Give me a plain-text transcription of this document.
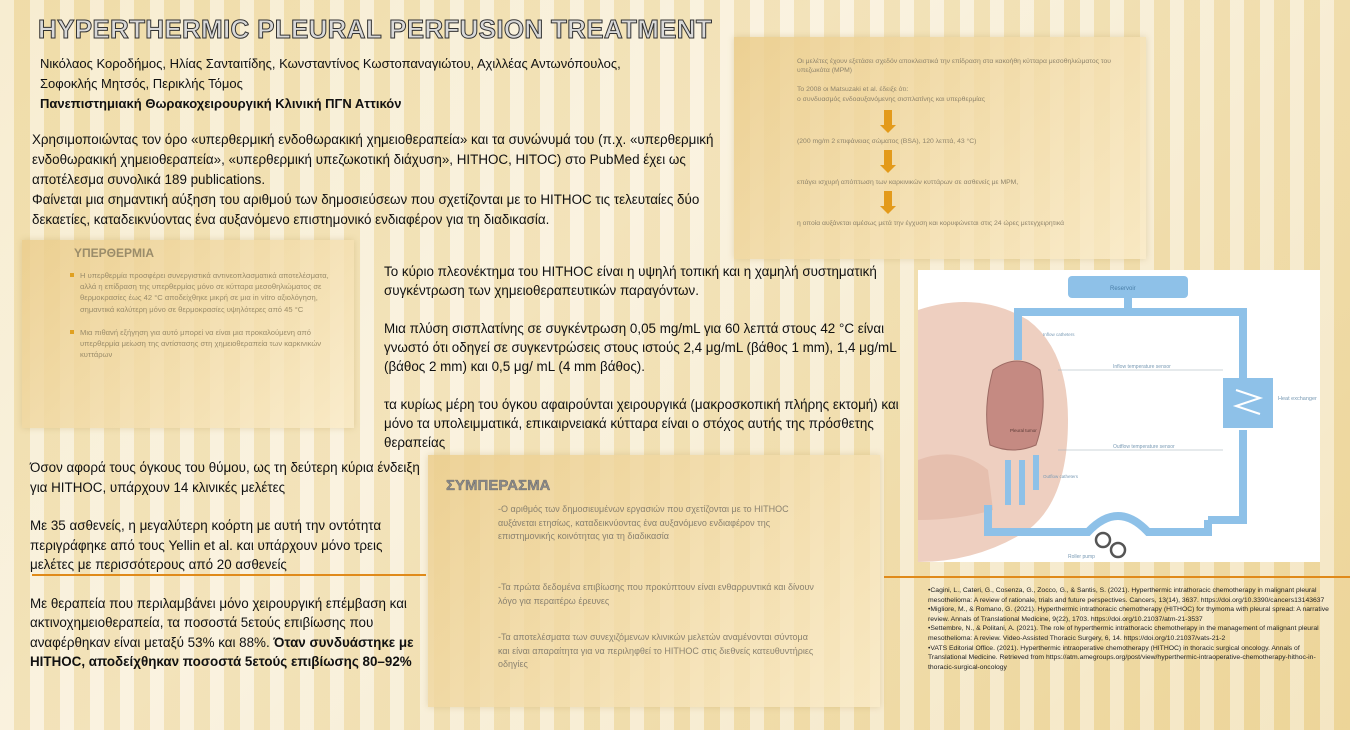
HYPERTHERMIC PLEURAL PERFUSION TREATMENT
Νικόλαος Κοροδήμος, Ηλίας Σανταιτίδης, Κωνσταντίνος Κωστοπαναγιώτου, Αχιλλέας Αντωνόπουλος,
Σοφοκλής Μητσός, Περικλής Τόμος
Πανεπιστημιακή Θωρακοχειρουργική Κλινική ΠΓΝ Αττικόν

Χρησιμοποιώντας τον όρο «υπερθερμική ενδοθωρακική χημειοθεραπεία» και τα συνώνυμά του (π.χ. «υπερθερμική ενδοθωρακική χημειοθεραπεία», «υπερθερμική υπεζωκοτική διάχυση», HITHOC, HITOC) στο PubMed έχει ως αποτέλεσμα συνολικά 189 publications.

Φαίνεται μια σημαντική αύξηση του αριθμού των δημοσιεύσεων που σχετίζονται με το HITHOC τις τελευταίες δύο δεκαετίες, καταδεικνύοντας ένα αυξανόμενο επιστημονικό ενδιαφέρον για τη διαδικασία.

ΥΠΕΡΘΕΡΜΙΑ
Η υπερθερμία προσφέρει συνεργιστικά αντινεοπλασματικά αποτελέσματα, αλλά η επίδραση της υπερθερμίας μόνο σε κύτταρα μεσοθηλιώματος σε θερμοκρασίες έως 42 °C αποδείχθηκε μικρή σε μια in vitro αξιολόγηση, σημαντικά καλύτερη μόνο σε θερμοκρασίες υψηλότερες από 45 °C
Μια πιθανή εξήγηση για αυτό μπορεί να είναι μια προκαλούμενη από υπερθερμία μείωση της αντίστασης στη χημειοθεραπεία των καρκινικών κυττάρων
Οι μελέτες έχουν εξετάσει σχεδόν αποκλειστικά την επίδραση στα κακοήθη κύτταρα μεσοθηλιώματος του υπεζωκότα (MPM)
Το 2008 οι Matsuzaki et al. έδειξε ότι:
ο συνδυασμός ενδοαυξανόμενης σισπλατίνης και υπερθερμίας
(200 mg/m 2 επιφάνειας σώματος (BSA), 120 λεπτά, 43 °C)
επάγει ισχυρή απόπτωση των καρκινικών κυττάρων σε ασθενείς με MPM,
η οποία αυξάνεται αμέσως μετά την έγχυση και κορυφώνεται στις 24 ώρες μετεγχειρητικά

Το κύριο πλεονέκτημα του HITHOC είναι η υψηλή τοπική και η χαμηλή συστηματική συγκέντρωση των χημειοθεραπευτικών παραγόντων.

Μια πλύση σισπλατίνης σε συγκέντρωση 0,05 mg/mL για 60 λεπτά στους 42 °C είναι γνωστό ότι οδηγεί σε συγκεντρώσεις στους ιστούς 2,4 μg/mL (βάθος 1 mm), 1,4 μg/mL (βάθος 2 mm) και 0,5 μg/ mL (4 mm βάθος).

τα κυρίως μέρη του όγκου αφαιρούνται χειρουργικά (μακροσκοπική πλήρης εκτομή) και μόνο τα υπολειμματικά, επικαιρνειακά κύτταρα είναι ο στόχος αυτής της πρόσθετης θεραπείας

Όσον αφορά τους όγκους του θύμου, ως τη δεύτερη κύρια ένδειξη για HITHOC, υπάρχουν 14 κλινικές μελέτες

Με 35 ασθενείς, η μεγαλύτερη κοόρτη με αυτή την οντότητα περιγράφηκε από τους Yellin et al. και υπάρχουν μόνο τρεις μελέτες με περισσότερους από 20 ασθενείς

Με θεραπεία που περιλαμβάνει μόνο χειρουργική επέμβαση και ακτινοχημειοθεραπεία, τα ποσοστά 5ετούς επιβίωσης που αναφέρθηκαν είναι μεταξύ 53% και 88%. Όταν συνδυάστηκε με HITHOC, αποδείχθηκαν ποσοστά 5ετούς επιβίωσης 80–92%

ΣΥΜΠΕΡΑΣΜΑ
-Ο αριθμός των δημοσιευμένων εργασιών που σχετίζονται με το HITHOC αυξάνεται ετησίως, καταδεικνύοντας ένα αυξανόμενο ενδιαφέρον της επιστημονικής κοινότητας για τη διαδικασία
-Τα πρώτα δεδομένα επιβίωσης που προκύπτουν είναι ενθαρρυντικά και δίνουν λόγο για περαιτέρω έρευνες
-Τα αποτελέσματα των συνεχιζόμενων κλινικών μελετών αναμένονται σύντομα και είναι απαραίτητα για να περιληφθεί το HITHOC στις διεθνείς κατευθυντήριες οδηγίες
Reservoir
Heat exchanger
Inflow temperature sensor
Outflow temperature sensor
Pleural tumor
Inflow catheters
Outflow catheters
Roller pump

•Cagini, L., Cateri, G., Cosenza, G., Zocco, G., & Santis, S. (2021). Hyperthermic intrathoracic chemotherapy in malignant pleural mesothelioma: A review of rationale, trials and future perspectives. Cancers, 13(14), 3637. https://doi.org/10.3390/cancers13143637

•Migliore, M., & Romano, G. (2021). Hyperthermic intrathoracic chemotherapy (HITHOC) for thymoma with pleural spread: A narrative review. Annals of Translational Medicine, 9(22), 1703. https://doi.org/10.21037/atm-21-3537

•Settembre, N., & Politani, A. (2021). The role of hyperthermic intrathoracic chemotherapy in the management of malignant pleural mesothelioma: A review. Video-Assisted Thoracic Surgery, 6, 14. https://doi.org/10.21037/vats-21-2

•VATS Editorial Office. (2021). Hyperthermic intraoperative chemotherapy (HITHOC) in thoracic surgical oncology. Annals of Translational Medicine. Retrieved from https://atm.amegroups.org/post/view/hyperthermic-intraoperative-chemotherapy-hithoc-in-thoracic-surgical-oncology
